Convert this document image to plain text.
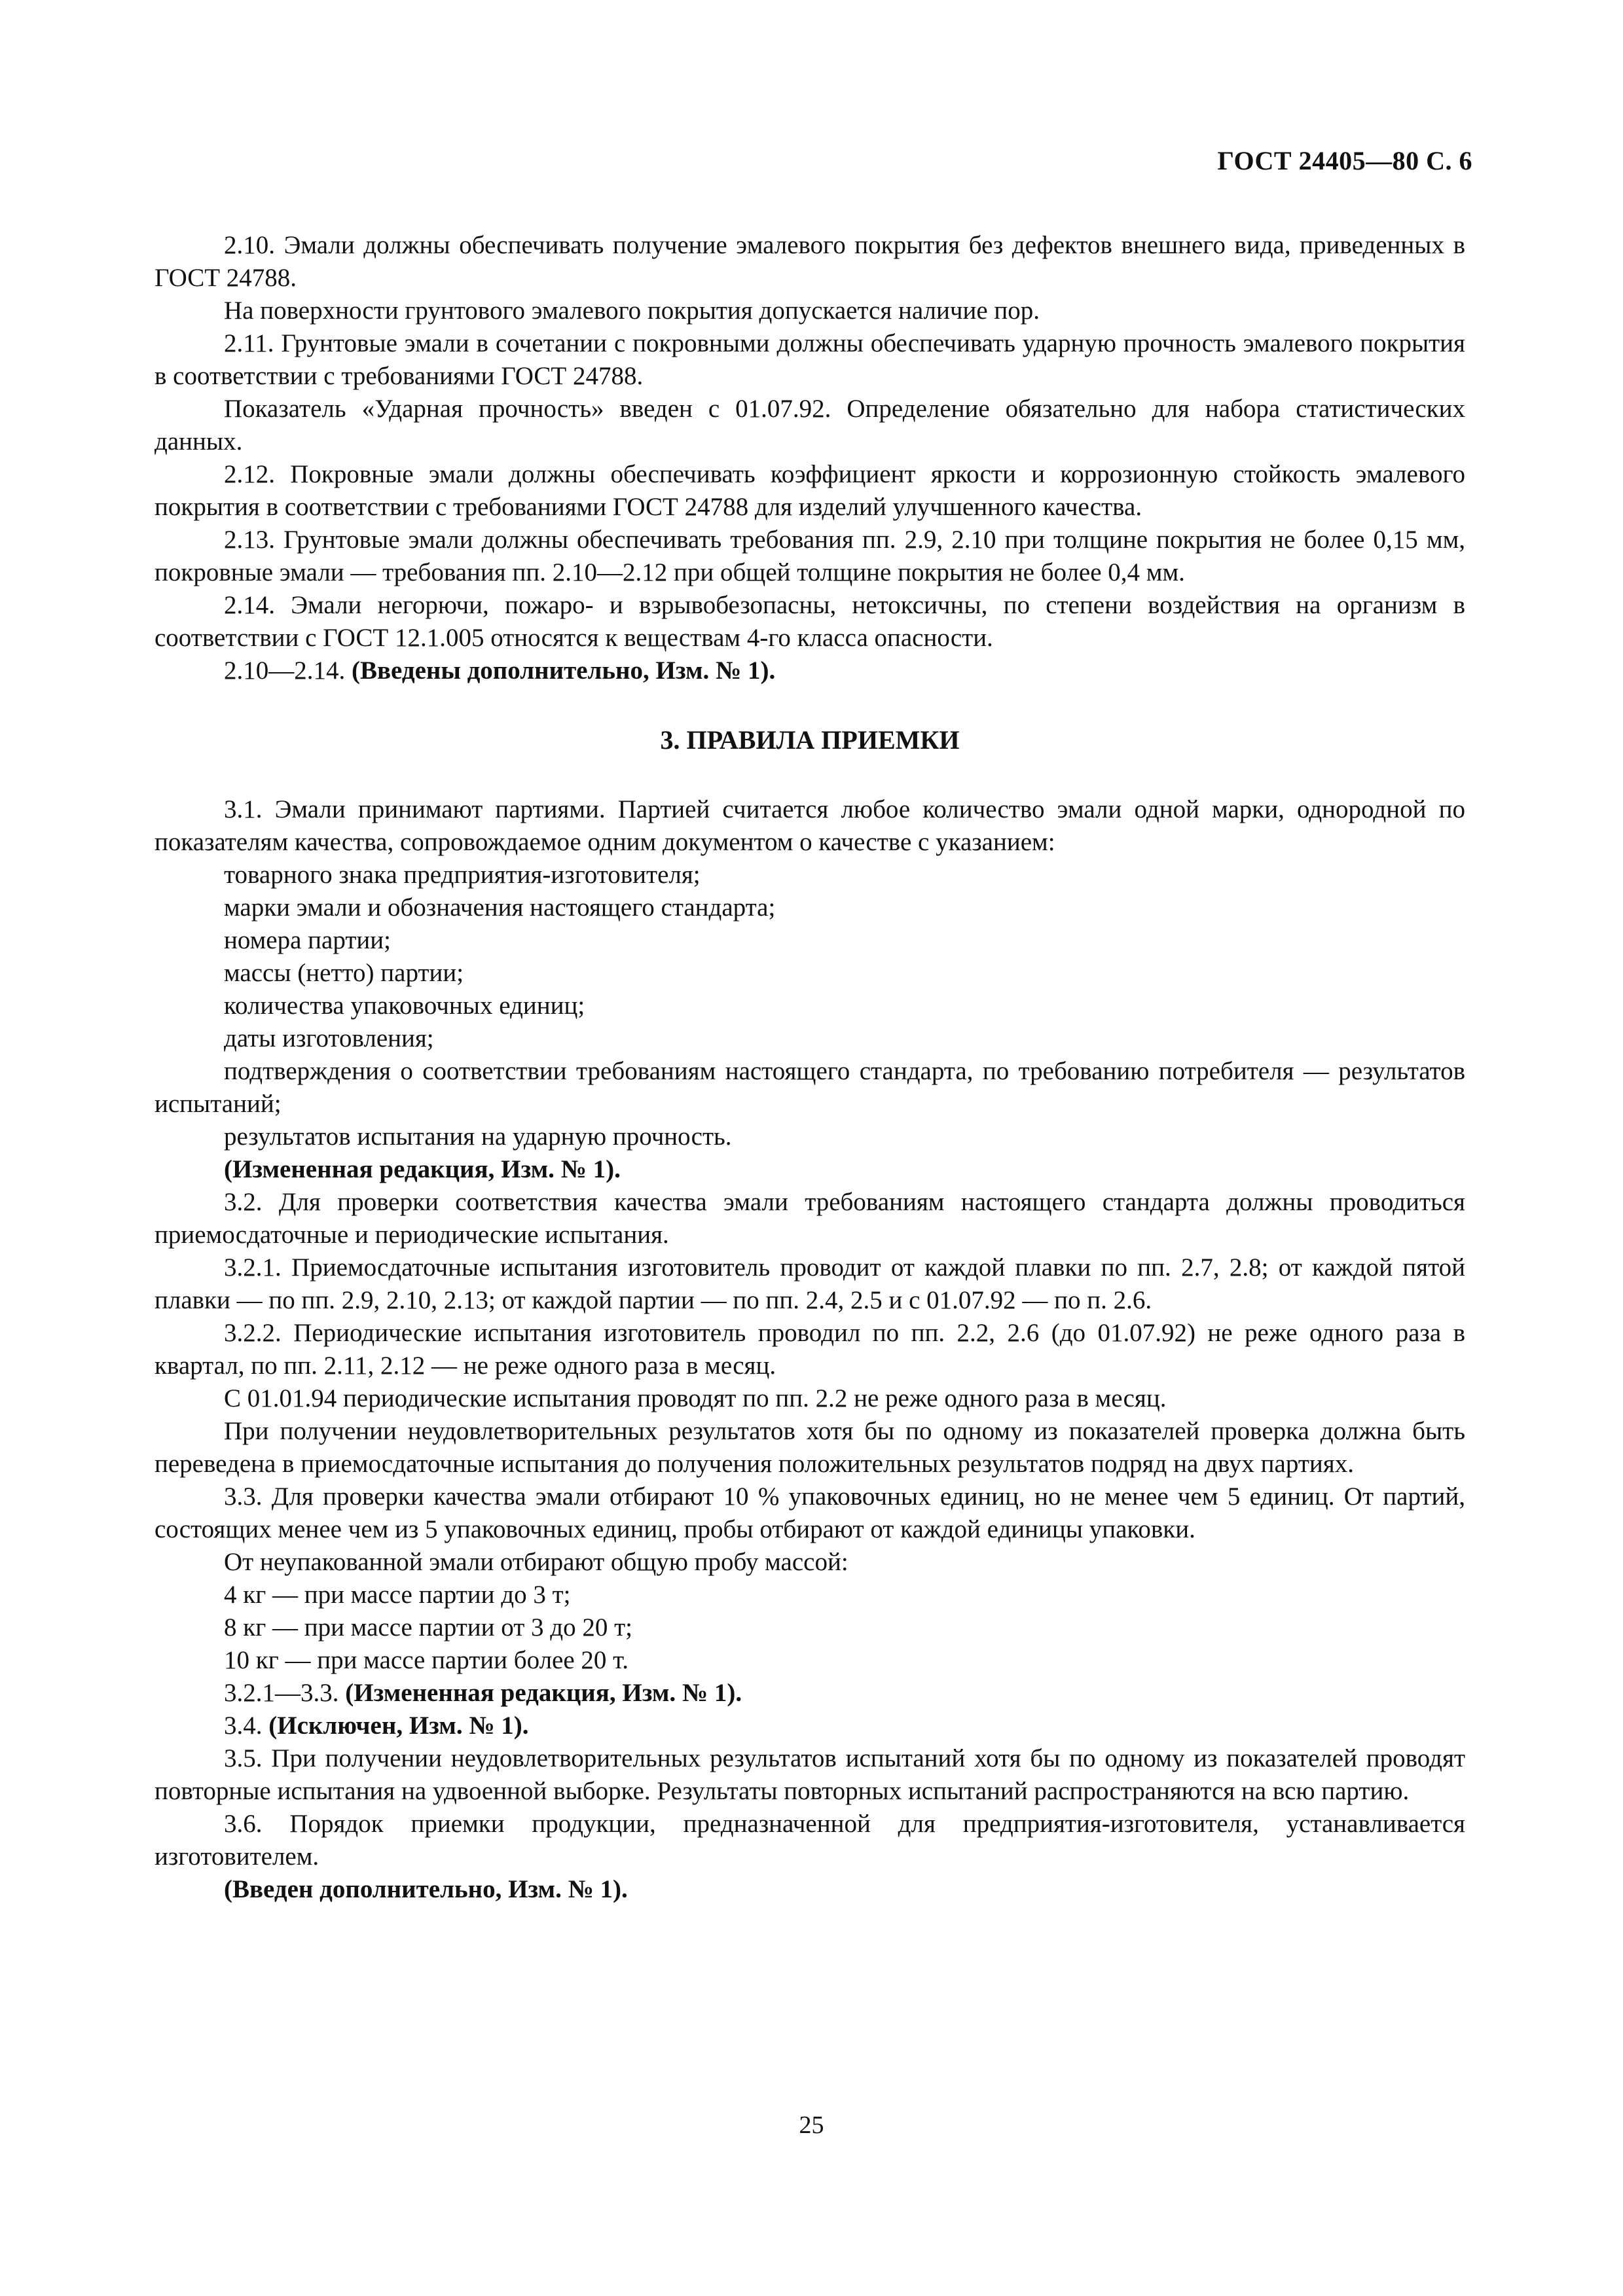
ГОСТ 24405—80 С. 6

2.10. Эмали должны обеспечивать получение эмалевого покрытия без дефектов внешнего вида, приведенных в ГОСТ 24788.

На поверхности грунтового эмалевого покрытия допускается наличие пор.

2.11. Грунтовые эмали в сочетании с покровными должны обеспечивать ударную прочность эмалевого покрытия в соответствии с требованиями ГОСТ 24788.

Показатель «Ударная прочность» введен с 01.07.92. Определение обязательно для набора статистических данных.

2.12. Покровные эмали должны обеспечивать коэффициент яркости и коррозионную стойкость эмалевого покрытия в соответствии с требованиями ГОСТ 24788 для изделий улучшенного качества.

2.13. Грунтовые эмали должны обеспечивать требования пп. 2.9, 2.10 при толщине покрытия не более 0,15 мм, покровные эмали — требования пп. 2.10—2.12 при общей толщине покрытия не более 0,4 мм.

2.14. Эмали негорючи, пожаро- и взрывобезопасны, нетоксичны, по степени воздействия на организм в соответствии с ГОСТ 12.1.005 относятся к веществам 4-го класса опасности.

2.10—2.14. (Введены дополнительно, Изм. № 1).

3. ПРАВИЛА ПРИЕМКИ

3.1. Эмали принимают партиями. Партией считается любое количество эмали одной марки, однородной по показателям качества, сопровождаемое одним документом о качестве с указанием:

товарного знака предприятия-изготовителя;

марки эмали и обозначения настоящего стандарта;

номера партии;

массы (нетто) партии;

количества упаковочных единиц;

даты изготовления;

подтверждения о соответствии требованиям настоящего стандарта, по требованию потребителя — результатов испытаний;

результатов испытания на ударную прочность.

(Измененная редакция, Изм. № 1).

3.2. Для проверки соответствия качества эмали требованиям настоящего стандарта должны проводиться приемосдаточные и периодические испытания.

3.2.1. Приемосдаточные испытания изготовитель проводит от каждой плавки по пп. 2.7, 2.8; от каждой пятой плавки — по пп. 2.9, 2.10, 2.13; от каждой партии — по пп. 2.4, 2.5 и с 01.07.92 — по п. 2.6.

3.2.2. Периодические испытания изготовитель проводил по пп. 2.2, 2.6 (до 01.07.92) не реже одного раза в квартал, по пп. 2.11, 2.12 — не реже одного раза в месяц.

С 01.01.94 периодические испытания проводят по пп. 2.2 не реже одного раза в месяц.

При получении неудовлетворительных результатов хотя бы по одному из показателей проверка должна быть переведена в приемосдаточные испытания до получения положительных результатов подряд на двух партиях.

3.3. Для проверки качества эмали отбирают 10 % упаковочных единиц, но не менее чем 5 единиц. От партий, состоящих менее чем из 5 упаковочных единиц, пробы отбирают от каждой единицы упаковки.

От неупакованной эмали отбирают общую пробу массой:

4 кг — при массе партии до 3 т;

8 кг — при массе партии от 3 до 20 т;

10 кг — при массе партии более 20 т.

3.2.1—3.3. (Измененная редакция, Изм. № 1).

3.4. (Исключен, Изм. № 1).

3.5. При получении неудовлетворительных результатов испытаний хотя бы по одному из показателей проводят повторные испытания на удвоенной выборке. Результаты повторных испытаний распространяются на всю партию.

3.6. Порядок приемки продукции, предназначенной для предприятия-изготовителя, устанавливается изготовителем.

(Введен дополнительно, Изм. № 1).

25
